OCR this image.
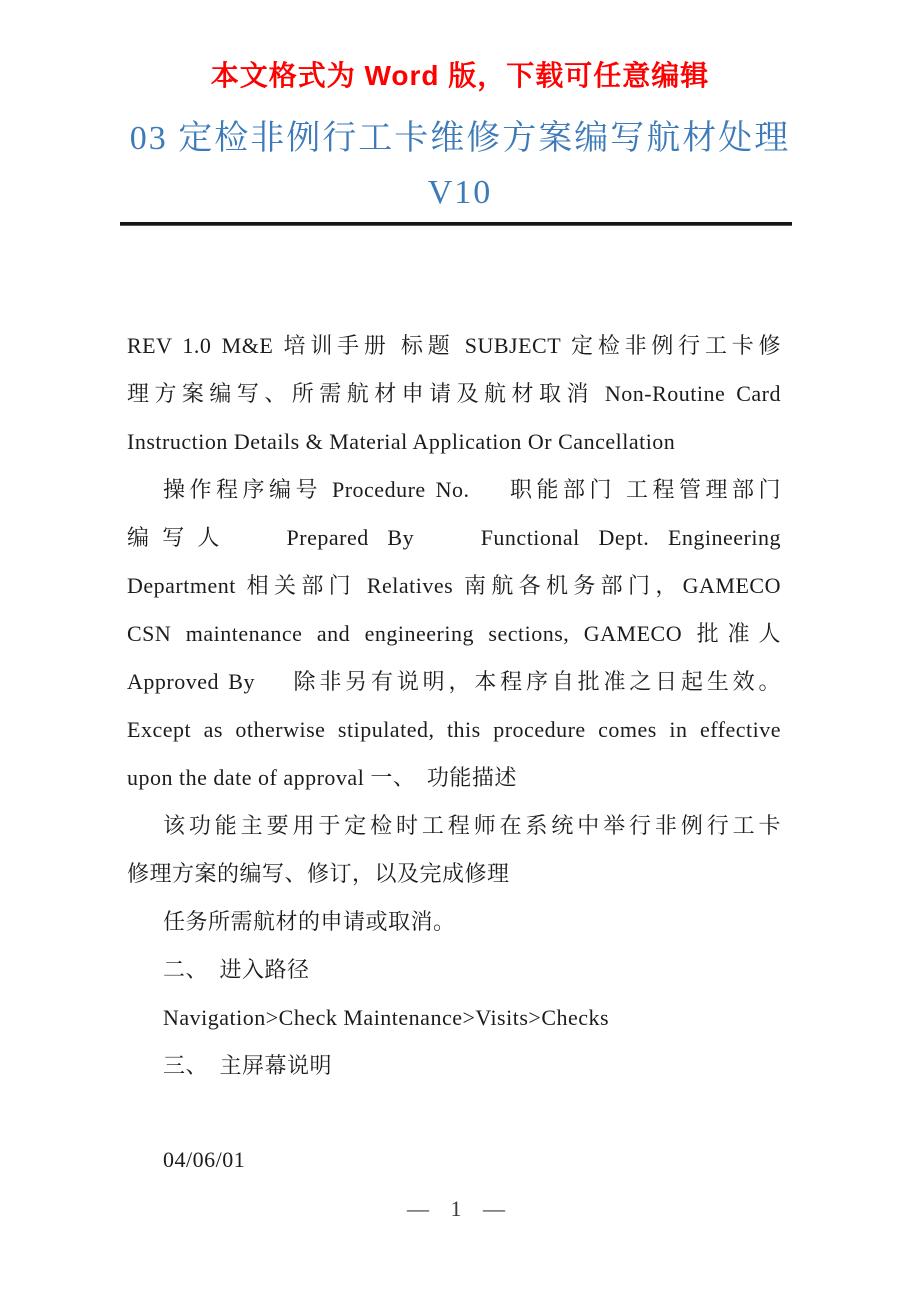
本文格式为 Word 版，下载可任意编辑
03 定检非例行工卡维修方案编写航材处理
V10
REV 1.0 M&E 培训手册 标题 SUBJECT 定检非例行工卡修
理方案编写、所需航材申请及航材取消 Non-Routine Card
Instruction Details & Material Application Or Cancellation
操作程序编号 Procedure No.　 职能部门 工程管理部门
编写人　 Prepared By　 Functional Dept. Engineering
Department 相关部门 Relatives 南航各机务部门，GAMECO
CSN maintenance and engineering sections, GAMECO 批准人
Approved By　 除非另有说明，本程序自批准之日起生效。
Except as otherwise stipulated, this procedure comes in effective
upon the date of approval 一、　功能描述
该功能主要用于定检时工程师在系统中举行非例行工卡
修理方案的编写、修订，以及完成修理
任务所需航材的申请或取消。
二、　进入路径
Navigation>Check Maintenance>Visits>Checks
三、　主屏幕说明
04/06/01
— 1 —
